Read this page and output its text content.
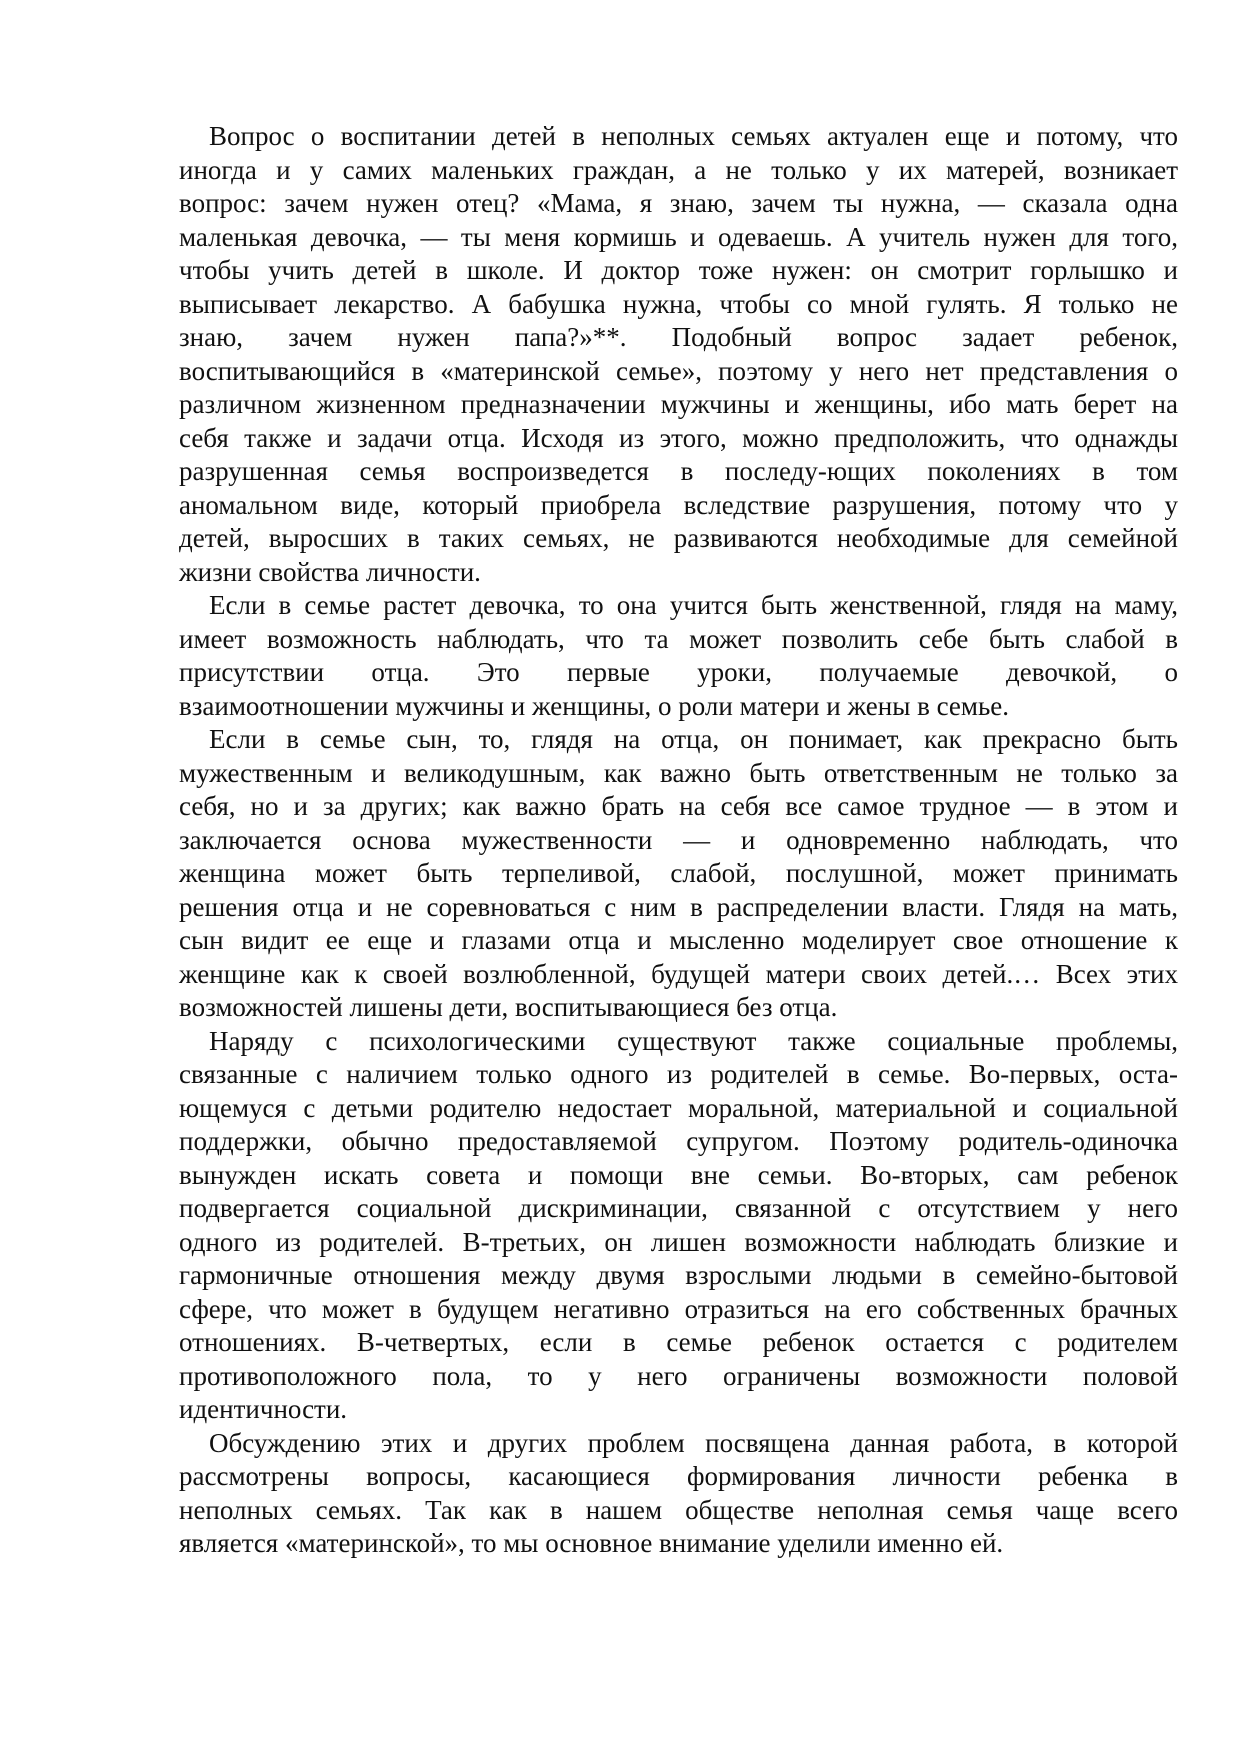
Вопрос о воспитании детей в неполных семьях актуален еще и потому, что
иногда и у самих маленьких граждан, а не только у их матерей, возникает
вопрос: зачем нужен отец? «Мама, я знаю, зачем ты нужна, — сказала одна
маленькая девочка, — ты меня кормишь и одеваешь. А учитель нужен для того,
чтобы учить детей в школе. И доктор тоже нужен: он смотрит горлышко и
выписывает лекарство. А бабушка нужна, чтобы со мной гулять. Я только не
знаю, зачем нужен папа?»**. Подобный вопрос задает ребенок,
воспитывающийся в «материнской семье», поэтому у него нет представления о
различном жизненном предназначении мужчины и женщины, ибо мать берет на
себя также и задачи отца. Исходя из этого, можно предположить, что однажды
разрушенная семья воспроизведется в последу-ющих поколениях в том
аномальном виде, который приобрела вследствие разрушения, потому что у
детей, выросших в таких семьях, не развиваются необходимые для семейной
жизни свойства личности.
Если в семье растет девочка, то она учится быть женственной, глядя на маму,
имеет возможность наблюдать, что та может позволить себе быть слабой в
присутствии отца. Это первые уроки, получаемые девочкой, о
взаимоотношении мужчины и женщины, о роли матери и жены в семье.
Если в семье сын, то, глядя на отца, он понимает, как прекрасно быть
мужественным и великодушным, как важно быть ответственным не только за
себя, но и за других; как важно брать на себя все самое трудное — в этом и
заключается основа мужественности — и одновременно наблюдать, что
женщина может быть терпеливой, слабой, послушной, может принимать
решения отца и не соревноваться с ним в распределении власти. Глядя на мать,
сын видит ее еще и глазами отца и мысленно моделирует свое отношение к
женщине как к своей возлюбленной, будущей матери своих детей.… Всех этих
возможностей лишены дети, воспитывающиеся без отца.
Наряду с психологическими существуют также социальные проблемы,
связанные с наличием только одного из родителей в семье. Во-первых, оста-
ющемуся с детьми родителю недостает моральной, материальной и социальной
поддержки, обычно предоставляемой супругом. Поэтому родитель-одиночка
вынужден искать совета и помощи вне семьи. Во-вторых, сам ребенок
подвергается социальной дискриминации, связанной с отсутствием у него
одного из родителей. В-третьих, он лишен возможности наблюдать близкие и
гармоничные отношения между двумя взрослыми людьми в семейно-бытовой
сфере, что может в будущем негативно отразиться на его собственных брачных
отношениях. В-четвертых, если в семье ребенок остается с родителем
противоположного пола, то у него ограничены возможности половой
идентичности.
Обсуждению этих и других проблем посвящена данная работа, в которой
рассмотрены вопросы, касающиеся формирования личности ребенка в
неполных семьях. Так как в нашем обществе неполная семья чаще всего
является «материнской», то мы основное внимание уделили именно ей.
